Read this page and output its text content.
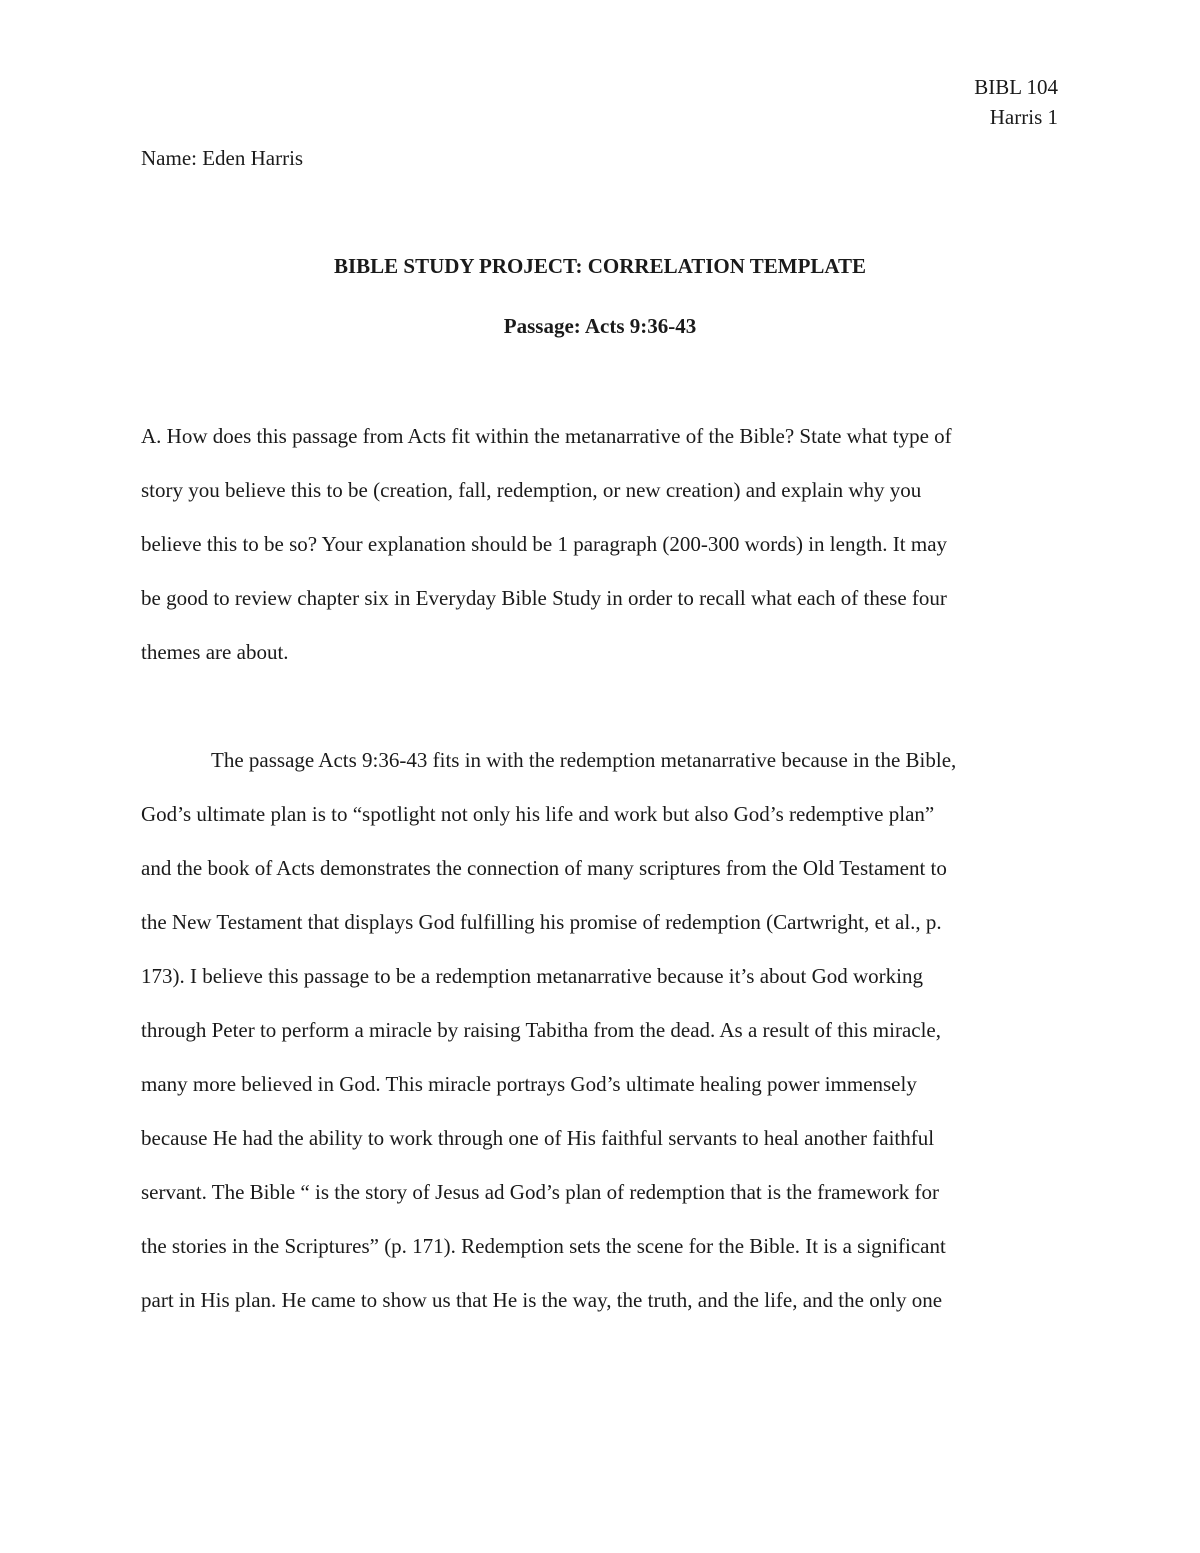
BIBL 104
Harris 1
Name: Eden Harris
BIBLE STUDY PROJECT: CORRELATION TEMPLATE
Passage: Acts 9:36-43
A. How does this passage from Acts fit within the metanarrative of the Bible? State what type of
story you believe this to be (creation, fall, redemption, or new creation) and explain why you
believe this to be so? Your explanation should be 1 paragraph (200-300 words) in length. It may
be good to review chapter six in Everyday Bible Study in order to recall what each of these four
themes are about.
The passage Acts 9:36-43 fits in with the redemption metanarrative because in the Bible,
God’s ultimate plan is to “spotlight not only his life and work but also God’s redemptive plan”
and the book of Acts demonstrates the connection of many scriptures from the Old Testament to
the New Testament that displays God fulfilling his promise of redemption (Cartwright, et al., p.
173). I believe this passage to be a redemption metanarrative because it’s about God working
through Peter to perform a miracle by raising Tabitha from the dead. As a result of this miracle,
many more believed in God. This miracle portrays God’s ultimate healing power immensely
because He had the ability to work through one of His faithful servants to heal another faithful
servant. The Bible “ is the story of Jesus ad God’s plan of redemption that is the framework for
the stories in the Scriptures” (p. 171). Redemption sets the scene for the Bible. It is a significant
part in His plan. He came to show us that He is the way, the truth, and the life, and the only one
